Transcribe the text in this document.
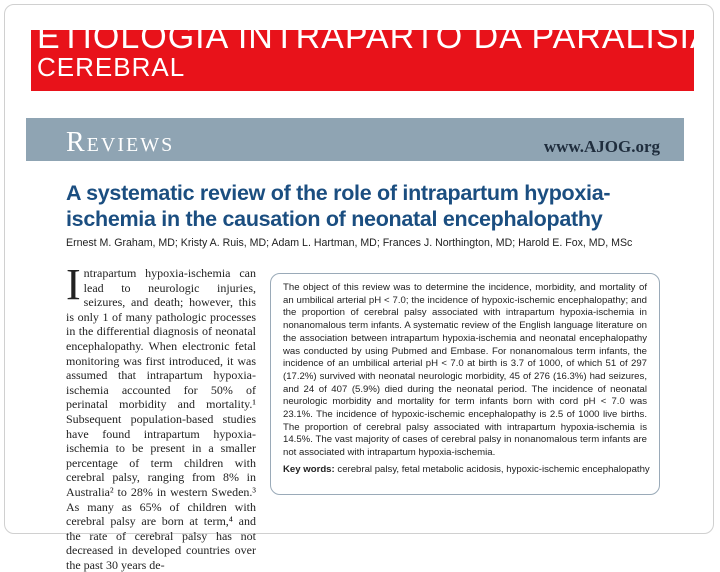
ETIOLOGIA INTRAPARTO DA PARALISIA
CEREBRAL
Reviews	www.AJOG.org
A systematic review of the role of intrapartum hypoxia-ischemia in the causation of neonatal encephalopathy
Ernest M. Graham, MD; Kristy A. Ruis, MD; Adam L. Hartman, MD; Frances J. Northington, MD; Harold E. Fox, MD, MSc
Intrapartum hypoxia-ischemia can lead to neurologic injuries, seizures, and death; however, this is only 1 of many pathologic processes in the differential diagnosis of neonatal encephalopathy. When electronic fetal monitoring was first introduced, it was assumed that intrapartum hypoxia-ischemia accounted for 50% of perinatal morbidity and mortality.¹ Subsequent population-based studies have found intrapartum hypoxia-ischemia to be present in a smaller percentage of term children with cerebral palsy, ranging from 8% in Australia² to 28% in western Sweden.³ As many as 65% of children with cerebral palsy are born at term,⁴ and the rate of cerebral palsy has not decreased in developed countries over the past 30 years de-
The object of this review was to determine the incidence, morbidity, and mortality of an umbilical arterial pH < 7.0; the incidence of hypoxic-ischemic encephalopathy; and the proportion of cerebral palsy associated with intrapartum hypoxia-ischemia in nonanomalous term infants. A systematic review of the English language literature on the association between intrapartum hypoxia-ischemia and neonatal encephalopathy was conducted by using Pubmed and Embase. For nonanomalous term infants, the incidence of an umbilical arterial pH < 7.0 at birth is 3.7 of 1000, of which 51 of 297 (17.2%) survived with neonatal neurologic morbidity, 45 of 276 (16.3%) had seizures, and 24 of 407 (5.9%) died during the neonatal period. The incidence of neonatal neurologic morbidity and mortality for term infants born with cord pH < 7.0 was 23.1%. The incidence of hypoxic-ischemic encephalopathy is 2.5 of 1000 live births. The proportion of cerebral palsy associated with intrapartum hypoxia-ischemia is 14.5%. The vast majority of cases of cerebral palsy in nonanomalous term infants are not associated with intrapartum hypoxia-ischemia.
Key words: cerebral palsy, fetal metabolic acidosis, hypoxic-ischemic encephalopathy
